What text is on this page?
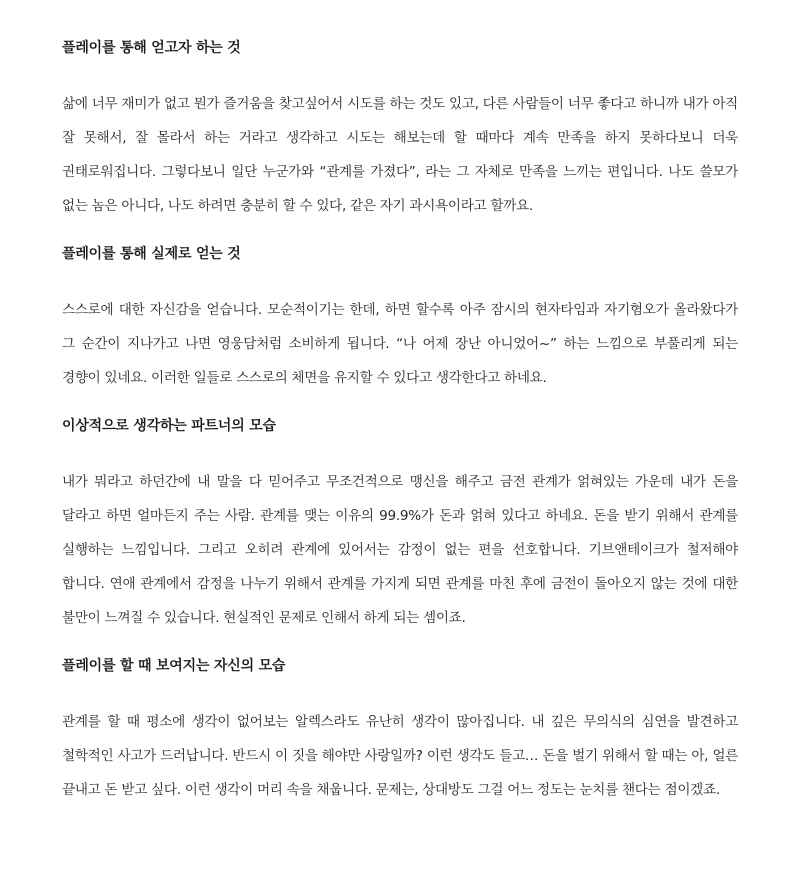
플레이를 통해 얻고자 하는 것

삶에 너무 재미가 없고 뭔가 즐거움을 찾고싶어서 시도를 하는 것도 있고, 다른 사람들이 너무 좋다고 하니까 내가 아직 잘 못해서, 잘 몰라서 하는 거라고 생각하고 시도는 해보는데 할 때마다 계속 만족을 하지 못하다보니 더욱 권태로워집니다. 그렇다보니 일단 누군가와 “관계를 가졌다”, 라는 그 자체로 만족을 느끼는 편입니다. 나도 쓸모가 없는 놈은 아니다, 나도 하려면 충분히 할 수 있다, 같은 자기 과시욕이라고 할까요.

플레이를 통해 실제로 얻는 것

스스로에 대한 자신감을 얻습니다. 모순적이기는 한데, 하면 할수록 아주 잠시의 현자타임과 자기혐오가 올라왔다가 그 순간이 지나가고 나면 영웅담처럼 소비하게 됩니다. “나 어제 장난 아니었어~” 하는 느낌으로 부풀리게 되는 경향이 있네요. 이러한 일들로 스스로의 체면을 유지할 수 있다고 생각한다고 하네요.

이상적으로 생각하는 파트너의 모습

내가 뭐라고 하던간에 내 말을 다 믿어주고 무조건적으로 맹신을 해주고 금전 관계가 얽혀있는 가운데 내가 돈을 달라고 하면 얼마든지 주는 사람. 관계를 맺는 이유의 99.9%가 돈과 얽혀 있다고 하네요. 돈을 받기 위해서 관계를 실행하는 느낌입니다. 그리고 오히려 관계에 있어서는 감정이 없는 편을 선호합니다. 기브앤테이크가 철저해야 합니다. 연애 관계에서 감정을 나누기 위해서 관계를 가지게 되면 관계를 마친 후에 금전이 돌아오지 않는 것에 대한 불만이 느껴질 수 있습니다. 현실적인 문제로 인해서 하게 되는 셈이죠.

플레이를 할 때 보여지는 자신의 모습

관계를 할 때 평소에 생각이 없어보는 알렉스라도 유난히 생각이 많아집니다. 내 깊은 무의식의 심연을 발견하고 철학적인 사고가 드러납니다. 반드시 이 짓을 해야만 사랑일까? 이런 생각도 들고… 돈을 벌기 위해서 할 때는 아, 얼른 끝내고 돈 받고 싶다. 이런 생각이 머리 속을 채웁니다. 문제는, 상대방도 그걸 어느 정도는 눈치를 챈다는 점이겠죠.
